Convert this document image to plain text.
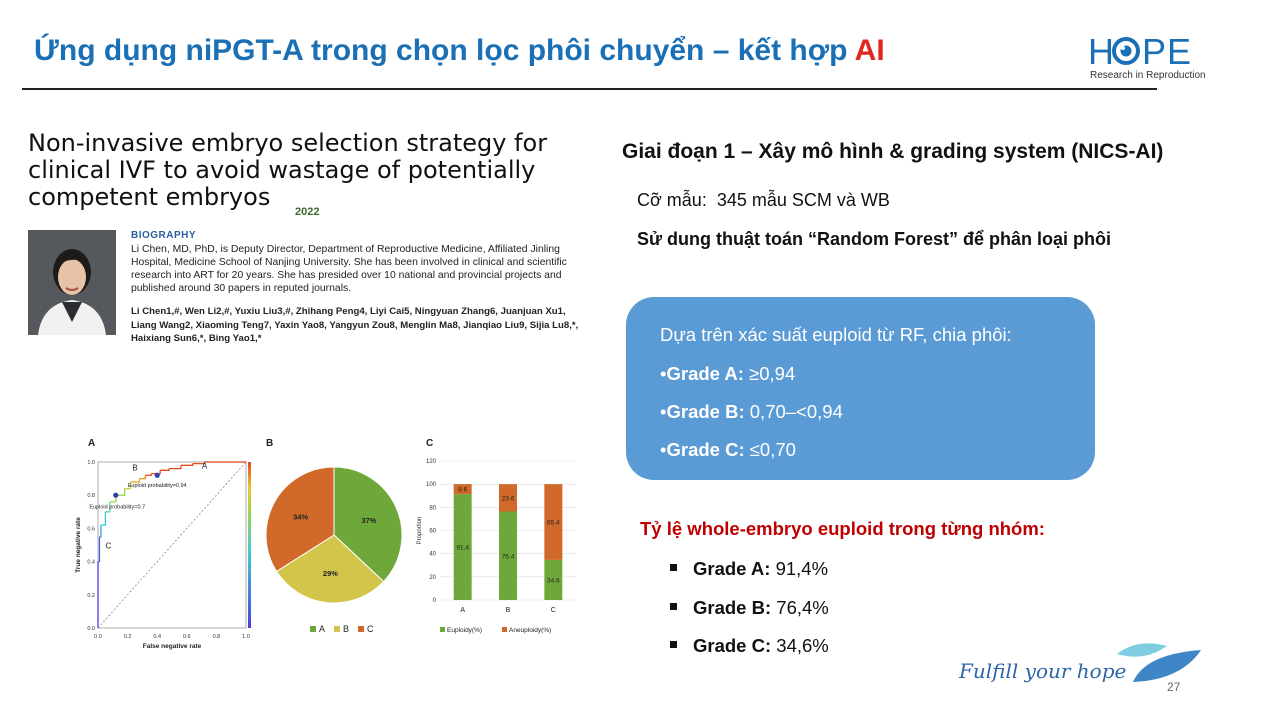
Ứng dụng niPGT-A trong chọn lọc phôi chuyển – kết hợp AI	H PE
Research in Reproduction
Non-invasive embryo selection strategy for clinical IVF to avoid wastage of potentially competent embryos
2022
BIOGRAPHY
Li Chen, MD, PhD, is Deputy Director, Department of Reproductive Medicine, Affiliated Jinling Hospital, Medicine School of Nanjing University. She has been involved in clinical and scientific research into ART for 20 years. She has presided over 10 national and provincial projects and published around 30 papers in reputed journals.
Li Chen1,#, Wen Li2,#, Yuxiu Liu3,#, Zhihang Peng4, Liyi Cai5, Ningyuan Zhang6, Juanjuan Xu1, Liang Wang2, Xiaoming Teng7, Yaxin Yao8, Yangyun Zou8, Menglin Ma8, Jianqiao Liu9, Sijia Lu8,*, Haixiang Sun6,*, Bing Yao1,*
A
0.0	0.2	0.4	0.6	0.8	1.0
0.0
0.2
0.4
0.6
0.8
1.0
False negative rate
True negative rate
A
B
C
Euploid probability=0.94
Euploid probability=0.7
B
37%
29%
34%
A B C
C
0
20
40
60
80
100
120
Proportion
91.4
8.6
A
76.4
23.6
B
34.6
65.4
C
Euploidy(%)	Aneuploidy(%)
Giai đoạn 1 – Xây mô hình & grading system (NICS-AI)
Cỡ mẫu: 345 mẫu SCM và WB
Sử dung thuật toán “Random Forest” để phân loại phôi
Dựa trên xác suất euploid từ RF, chia phôi:
•Grade A: ≥0,94
•Grade B: 0,70–<0,94
•Grade C: ≤0,70
Tỷ lệ whole-embryo euploid trong từng nhóm:
Grade A: 91,4%
Grade B: 76,4%
Grade C: 34,6%
Fulfill your hope
27
